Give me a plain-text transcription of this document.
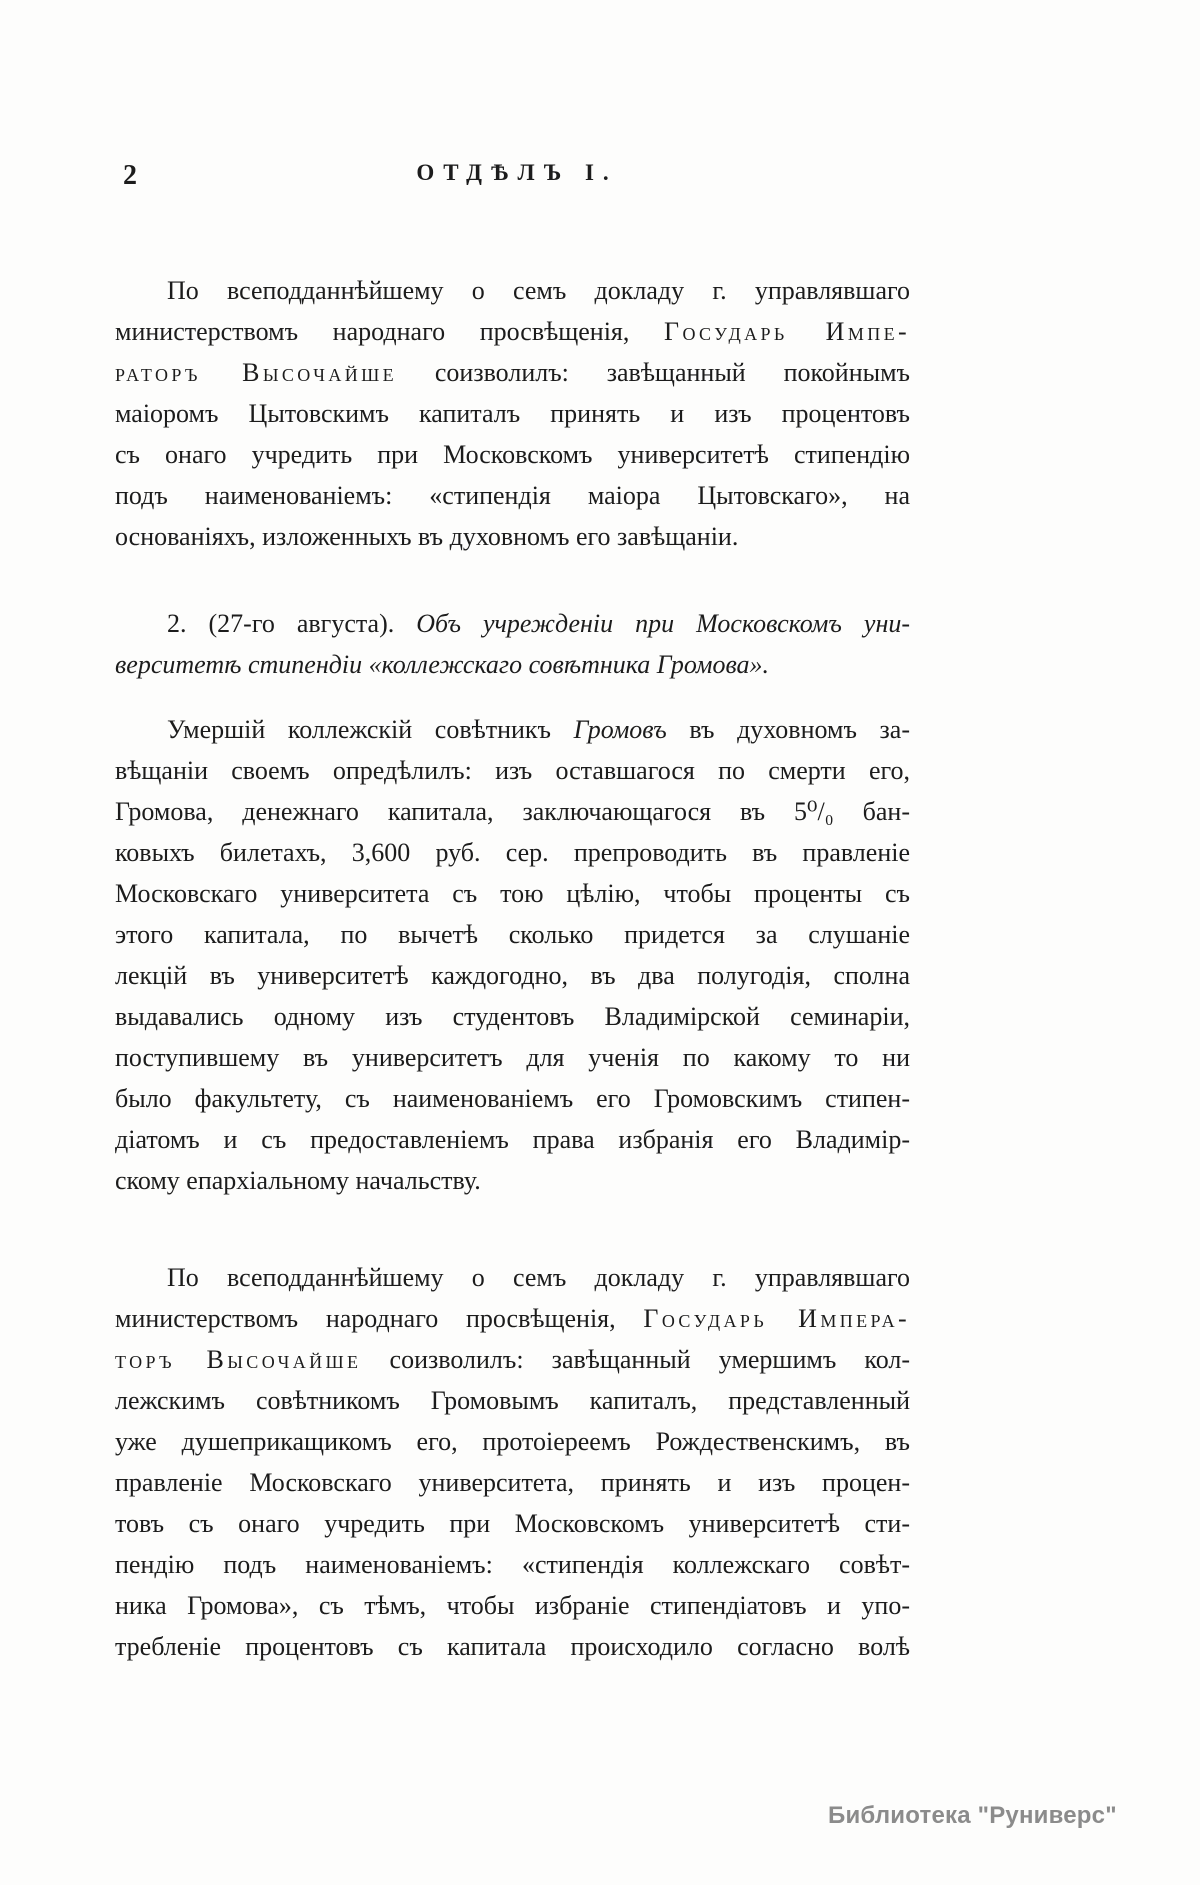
2	ОТДѢЛЪ I.
По всеподданнѣйшему о семъ докладу г. управлявшаго
министерствомъ народнаго просвѣщенія, Государь Импе-
раторъ Высочайше соизволилъ: завѣщанный покойнымъ
маіоромъ Цытовскимъ капиталъ принять и изъ процентовъ
съ онаго учредить при Московскомъ университетѣ стипендію
подъ наименованіемъ: «стипендія маіора Цытовскаго», на
основаніяхъ, изложенныхъ въ духовномъ его завѣщаніи.
2. (27-го августа). Объ учрежденіи при Московскомъ уни-
верситетѣ стипендіи «коллежскаго совѣтника Громова».
Умершій коллежскій совѣтникъ Громовъ въ духовномъ за-
вѣщаніи своемъ опредѣлилъ: изъ оставшагося по смерти его,
Громова, денежнаго капитала, заключающагося въ 5⁰/₀ бан-
ковыхъ билетахъ, 3,600 руб. сер. препроводить въ правленіе
Московскаго университета съ тою цѣлію, чтобы проценты съ
этого капитала, по вычетѣ сколько придется за слушаніе
лекцій въ университетѣ каждогодно, въ два полугодія, сполна
выдавались одному изъ студентовъ Владимірской семинаріи,
поступившему въ университетъ для ученія по какому то ни
было факультету, съ наименованіемъ его Громовскимъ стипен-
діатомъ и съ предоставленіемъ права избранія его Владимір-
скому епархіальному начальству.
По всеподданнѣйшему о семъ докладу г. управлявшаго
министерствомъ народнаго просвѣщенія, Государь Импера-
торъ Высочайше соизволилъ: завѣщанный умершимъ кол-
лежскимъ совѣтникомъ Громовымъ капиталъ, представленный
уже душеприкащикомъ его, протоіереемъ Рождественскимъ, въ
правленіе Московскаго университета, принять и изъ процен-
товъ съ онаго учредить при Московскомъ университетѣ сти-
пендію подъ наименованіемъ: «стипендія коллежскаго совѣт-
ника Громова», съ тѣмъ, чтобы избраніе стипендіатовъ и упо-
требленіе процентовъ съ капитала происходило согласно волѣ
Библиотека "Руниверс"
